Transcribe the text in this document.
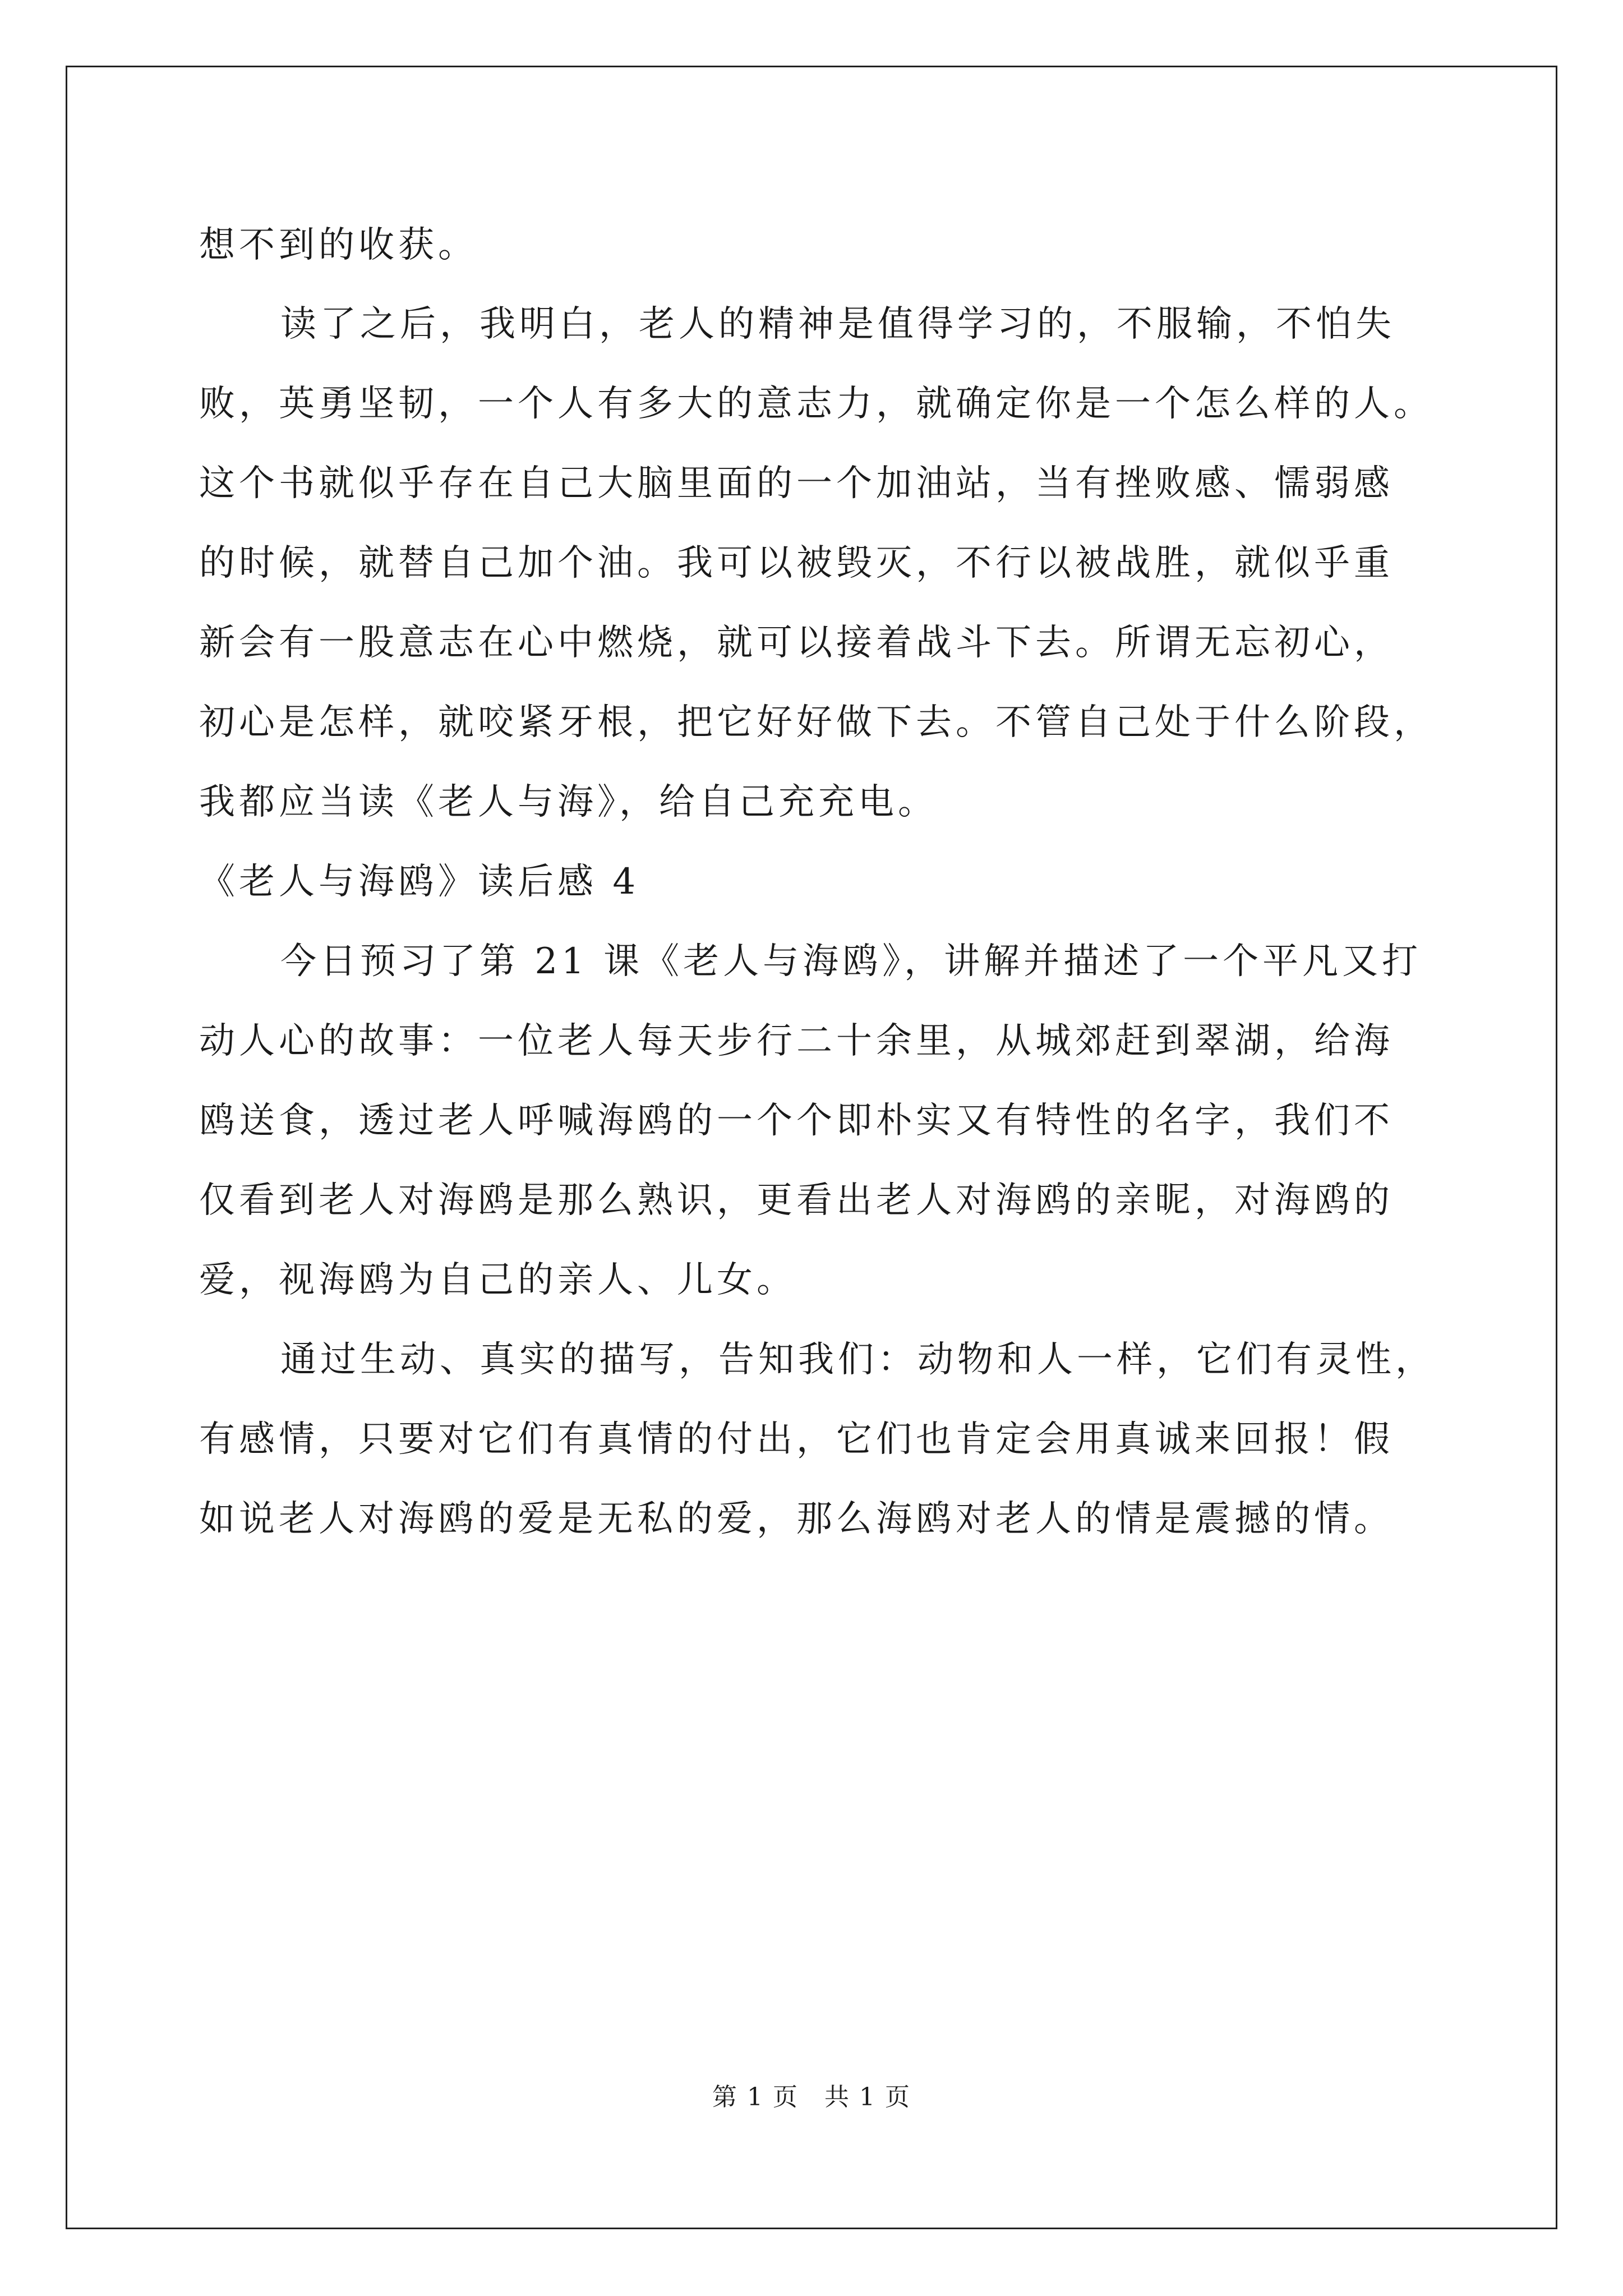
想不到的收获。
读了之后，我明白，老人的精神是值得学习的，不服输，不怕失
败，英勇坚韧，一个人有多大的意志力，就确定你是一个怎么样的人。
这个书就似乎存在自己大脑里面的一个加油站，当有挫败感、懦弱感
的时候，就替自己加个油。我可以被毁灭，不行以被战胜，就似乎重
新会有一股意志在心中燃烧，就可以接着战斗下去。所谓无忘初心，
初心是怎样，就咬紧牙根，把它好好做下去。不管自己处于什么阶段，
我都应当读《老人与海》，给自己充充电。
《老人与海鸥》读后感 4
今日预习了第 21 课《老人与海鸥》，讲解并描述了一个平凡又打
动人心的故事：一位老人每天步行二十余里，从城郊赶到翠湖，给海
鸥送食，透过老人呼喊海鸥的一个个即朴实又有特性的名字，我们不
仅看到老人对海鸥是那么熟识，更看出老人对海鸥的亲昵，对海鸥的
爱，视海鸥为自己的亲人、儿女。
通过生动、真实的描写，告知我们：动物和人一样，它们有灵性，
有感情，只要对它们有真情的付出，它们也肯定会用真诚来回报！假
如说老人对海鸥的爱是无私的爱，那么海鸥对老人的情是震撼的情。
第 1 页　共 1 页
